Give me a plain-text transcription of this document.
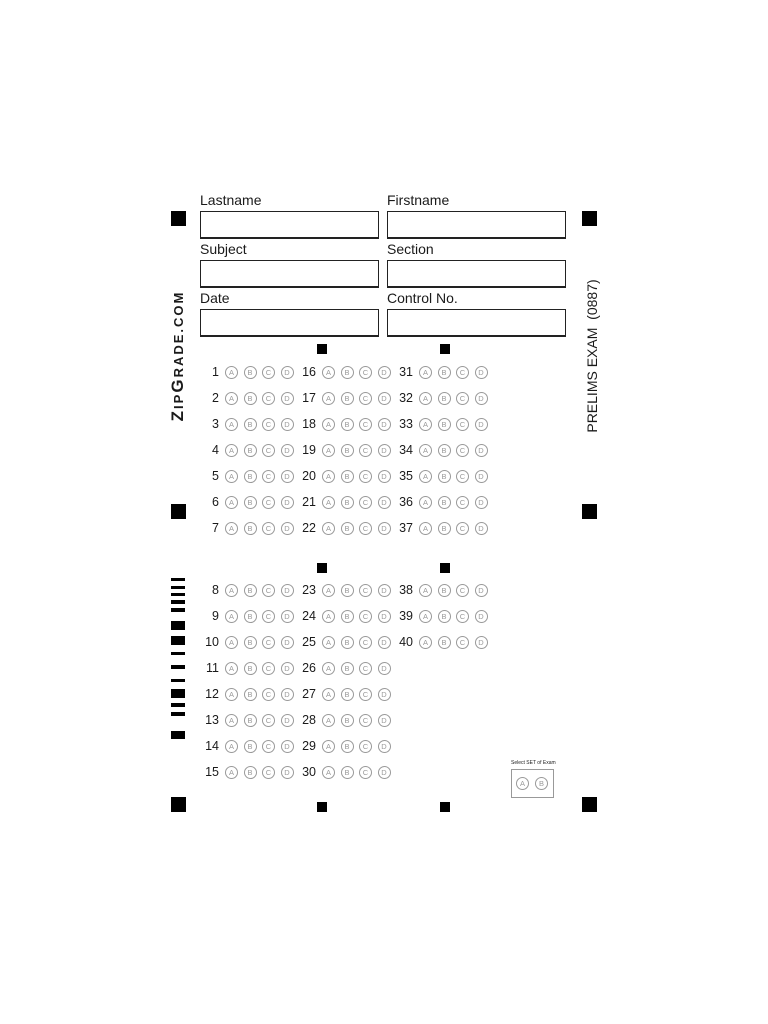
ZIPGRADE.COM	PRELIMS EXAM  (0887)
Lastname	Firstname
Subject	Section
Date	Control No.
1	A	B	C	D 16	A	B	C	D 31	A	B	C	D
2	A	B	C	D 17	A	B	C	D 32	A	B	C	D
3	A	B	C	D 18	A	B	C	D 33	A	B	C	D
4	A	B	C	D 19	A	B	C	D 34	A	B	C	D
5	A	B	C	D 20	A	B	C	D 35	A	B	C	D
6	A	B	C	D 21	A	B	C	D 36	A	B	C	D
7	A	B	C	D 22	A	B	C	D 37	A	B	C	D
8	A	B	C	D 23	A	B	C	D 38	A	B	C	D
9	A	B	C	D 24	A	B	C	D 39	A	B	C	D
10	A	B	C	D 25	A	B	C	D 40	A	B	C	D
11	A	B	C	D 26	A	B	C	D
12	A	B	C	D 27	A	B	C	D
13	A	B	C	D 28	A	B	C	D
14	A	B	C	D 29	A	B	C	D
15	A	B	C	D 30	A	B	C	D
Select SET of Exam
A	B
